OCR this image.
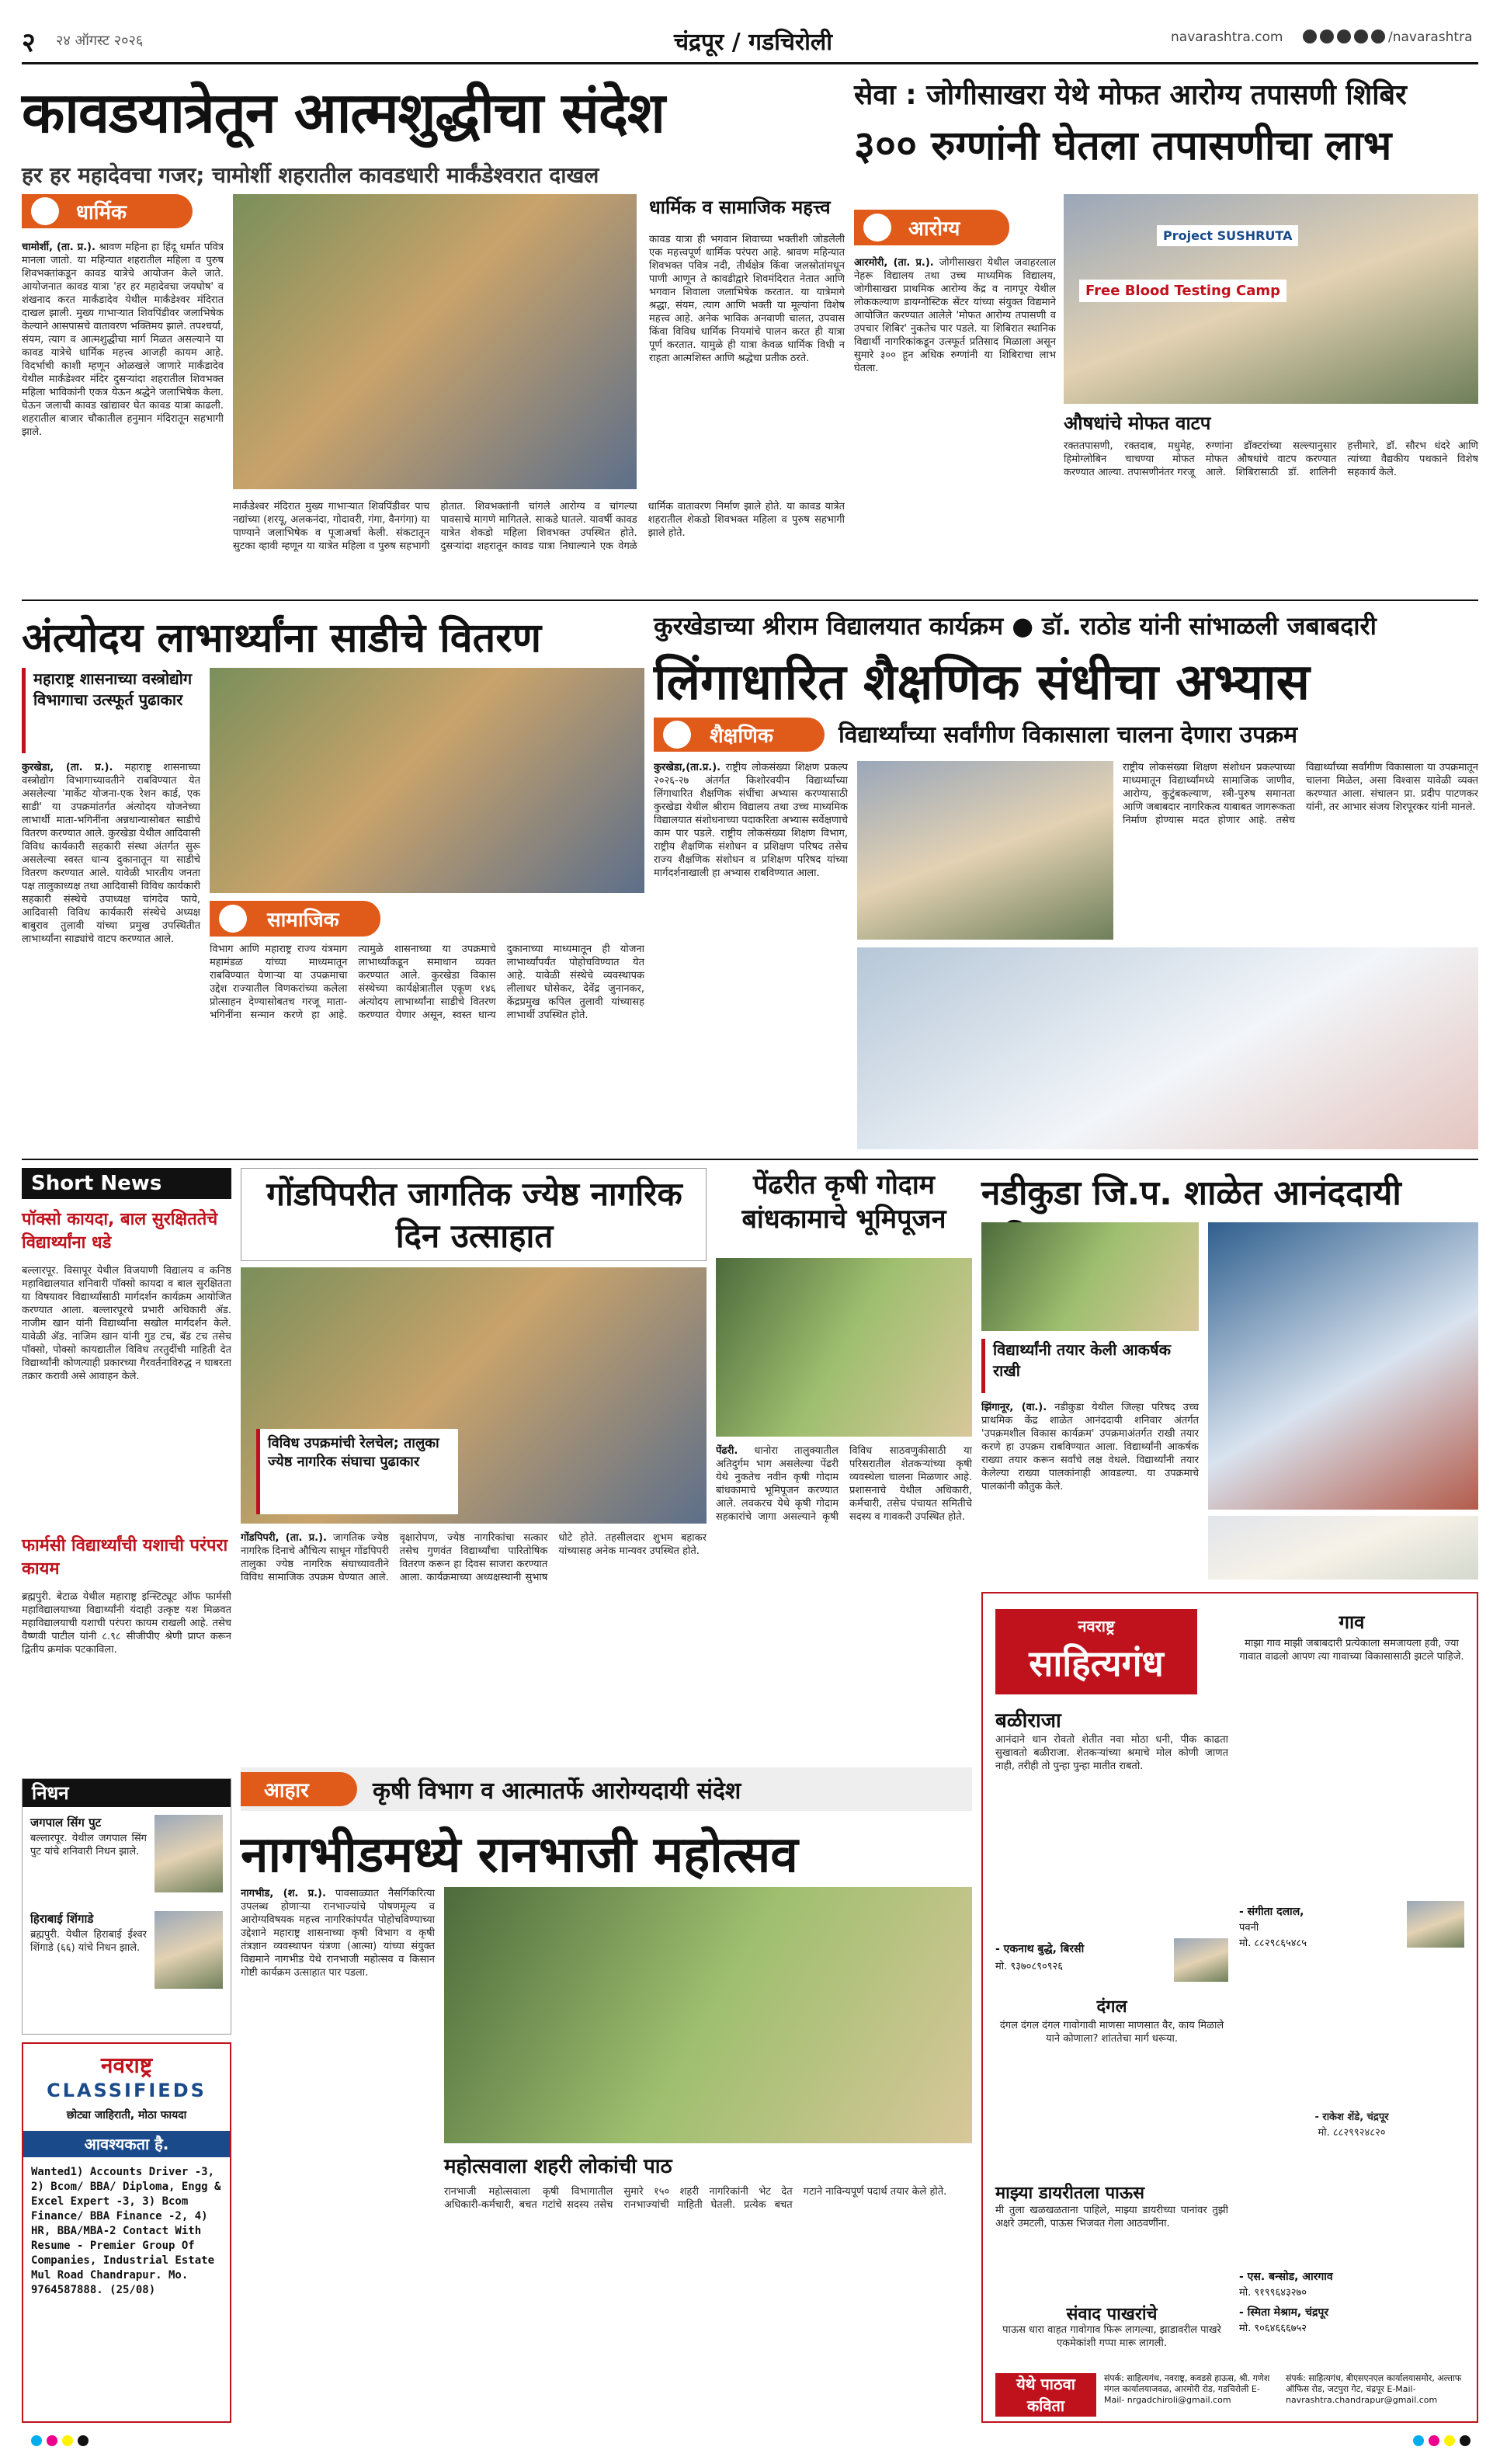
२ २४ ऑगस्ट २०२६	चंद्रपूर / गडचिरोली	navarashtra.com	/navarashtra
कावडयात्रेतून आत्मशुद्धीचा संदेश
हर हर महादेवचा गजर; चामोर्शी शहरातील कावडधारी मार्कंडेश्वरात दाखल
धार्मिक
चामोर्शी, (ता. प्र.). श्रावण महिना हा हिंदू धर्मात पवित्र मानला जातो. या महिन्यात शहरातील महिला व पुरुष शिवभक्तांकडून कावड यात्रेचे आयोजन केले जाते. आयोजनात कावड यात्रा 'हर हर महादेवचा जयघोष' व शंखनाद करत मार्कंडादेव येथील मार्कंडेश्वर मंदिरात दाखल झाली. मुख्य गाभाऱ्यात शिवपिंडीवर जलाभिषेक केल्याने आसपासचे वातावरण भक्तिमय झाले. तपश्चर्या, संयम, त्याग व आत्मशुद्धीचा मार्ग मिळत असल्याने या कावड यात्रेचे धार्मिक महत्त्व आजही कायम आहे. विदर्भाची काशी म्हणून ओळखले जाणारे मार्कंडादेव येथील मार्कंडेश्वर मंदिर दुसऱ्यांदा शहरातील शिवभक्त महिला भाविकांनी एकत्र येऊन श्रद्धेने जलाभिषेक केला. घेऊन जलाची कावड खांद्यावर घेत कावड यात्रा काढली. शहरातील बाजार चौकातील हनुमान मंदिरातून सहभागी झाले.
धार्मिक व सामाजिक महत्त्व
कावड यात्रा ही भगवान शिवाच्या भक्तीशी जोडलेली एक महत्त्वपूर्ण धार्मिक परंपरा आहे. श्रावण महिन्यात शिवभक्त पवित्र नदी, तीर्थक्षेत्र किंवा जलस्रोतांमधून पाणी आणून ते कावडीद्वारे शिवमंदिरात नेतात आणि भगवान शिवाला जलाभिषेक करतात. या यात्रेमागे श्रद्धा, संयम, त्याग आणि भक्ती या मूल्यांना विशेष महत्त्व आहे. अनेक भाविक अनवाणी चालत, उपवास किंवा विविध धार्मिक नियमांचे पालन करत ही यात्रा पूर्ण करतात. यामुळे ही यात्रा केवळ धार्मिक विधी न राहता आत्मशिस्त आणि श्रद्धेचा प्रतीक ठरते.
मार्कंडेश्वर मंदिरात मुख्य गाभाऱ्यात शिवपिंडीवर पाच नद्यांच्या (शरयू, अलकनंदा, गोदावरी, गंगा, वैनगंगा) या पाण्याने जलाभिषेक व पूजाअर्चा केली. संकटातून सुटका व्हावी म्हणून या यात्रेत महिला व पुरुष सहभागी होतात. शिवभक्तांनी चांगले आरोग्य व चांगल्या पावसाचे मागणे मागितले. साकडे घातले. यावर्षी कावड यात्रेत शेकडो महिला शिवभक्त उपस्थित होते. दुसऱ्यांदा शहरातून कावड यात्रा निघाल्याने एक वेगळे धार्मिक वातावरण निर्माण झाले होते. या कावड यात्रेत शहरातील शेकडो शिवभक्त महिला व पुरुष सहभागी झाले होते.
सेवा : जोगीसाखरा येथे मोफत आरोग्य तपासणी शिबिर
३०० रुग्णांनी घेतला तपासणीचा लाभ
आरोग्य
आरमोरी, (ता. प्र.). जोगीसाखरा येथील जवाहरलाल नेहरू विद्यालय तथा उच्च माध्यमिक विद्यालय, जोगीसाखरा प्राथमिक आरोग्य केंद्र व नागपूर येथील लोककल्याण डायग्नोस्टिक सेंटर यांच्या संयुक्त विद्यमाने आयोजित करण्यात आलेले 'मोफत आरोग्य तपासणी व उपचार शिबिर' नुकतेच पार पडले. या शिबिरात स्थानिक विद्यार्थी नागरिकांकडून उत्स्फूर्त प्रतिसाद मिळाला असून सुमारे ३०० हून अधिक रुग्णांनी या शिबिराचा लाभ घेतला.
Free Blood Testing Camp
Project SUSHRUTA
औषधांचे मोफत वाटप
रक्ततपासणी, रक्तदाब, मधुमेह, हिमोग्लोबिन चाचण्या मोफत करण्यात आल्या. तपासणीनंतर गरजू रुग्णांना डॉक्टरांच्या सल्ल्यानुसार मोफत औषधांचे वाटप करण्यात आले. शिबिरासाठी डॉ. शालिनी हत्तीमारे, डॉ. सौरभ धंदरे आणि त्यांच्या वैद्यकीय पथकाने विशेष सहकार्य केले.
अंत्योदय लाभार्थ्यांना साडीचे वितरण
महाराष्ट्र शासनाच्या वस्त्रोद्योग विभागाचा उत्स्फूर्त पुढाकार
कुरखेडा, (ता. प्र.). महाराष्ट्र शासनाच्या वस्त्रोद्योग विभागाच्यावतीने राबविण्यात येत असलेल्या 'मार्केट योजना-एक रेशन कार्ड, एक साडी' या उपक्रमांतर्गत अंत्योदय योजनेच्या लाभार्थी माता-भगिनींना अन्नधान्यासोबत साडीचे वितरण करण्यात आले. कुरखेडा येथील आदिवासी विविध कार्यकारी सहकारी संस्था अंतर्गत सुरू असलेल्या स्वस्त धान्य दुकानातून या साडीचे वितरण करण्यात आले. यावेळी भारतीय जनता पक्ष तालुकाध्यक्ष तथा आदिवासी विविध कार्यकारी सहकारी संस्थेचे उपाध्यक्ष चांगदेव फाये, आदिवासी विविध कार्यकारी संस्थेचे अध्यक्ष बाबुराव तुलावी यांच्या प्रमुख उपस्थितीत लाभार्थ्यांना साड्यांचे वाटप करण्यात आले.
सामाजिक
विभाग आणि महाराष्ट्र राज्य यंत्रमाग महामंडळ यांच्या माध्यमातून राबविण्यात येणाऱ्या या उपक्रमाचा उद्देश राज्यातील विणकरांच्या कलेला प्रोत्साहन देण्यासोबतच गरजू माता-भगिनींना सन्मान करणे हा आहे. त्यामुळे शासनाच्या या उपक्रमाचे लाभार्थ्यांकडून समाधान व्यक्त करण्यात आले. कुरखेडा विकास संस्थेच्या कार्यक्षेत्रातील एकूण १४६ अंत्योदय लाभार्थ्यांना साडीचे वितरण करण्यात येणार असून, स्वस्त धान्य दुकानाच्या माध्यमातून ही योजना लाभार्थ्यांपर्यंत पोहोचविण्यात येत आहे. यावेळी संस्थेचे व्यवस्थापक लीलाधर घोसेकर, देवेंद्र जुनानकर, केंद्रप्रमुख कपिल तुलावी यांच्यासह लाभार्थी उपस्थित होते.
कुरखेडाच्या श्रीराम विद्यालयात कार्यक्रम ● डॉ. राठोड यांनी सांभाळली जबाबदारी
लिंगाधारित शैक्षणिक संधीचा अभ्यास
शैक्षणिक	विद्यार्थ्यांच्या सर्वांगीण विकासाला चालना देणारा उपक्रम
कुरखेडा,(ता.प्र.). राष्ट्रीय लोकसंख्या शिक्षण प्रकल्प २०२६-२७ अंतर्गत किशोरवयीन विद्यार्थ्यांच्या लिंगाधारित शैक्षणिक संधींचा अभ्यास करण्यासाठी कुरखेडा येथील श्रीराम विद्यालय तथा उच्च माध्यमिक विद्यालयात संशोधनाच्या पदाकरिता अभ्यास सर्वेक्षणाचे काम पार पडले. राष्ट्रीय लोकसंख्या शिक्षण विभाग, राष्ट्रीय शैक्षणिक संशोधन व प्रशिक्षण परिषद तसेच राज्य शैक्षणिक संशोधन व प्रशिक्षण परिषद यांच्या मार्गदर्शनाखाली हा अभ्यास राबविण्यात आला.
राष्ट्रीय लोकसंख्या शिक्षण संशोधन प्रकल्पाच्या माध्यमातून विद्यार्थ्यांमध्ये सामाजिक जाणीव, आरोग्य, कुटुंबकल्याण, स्त्री-पुरुष समानता आणि जबाबदार नागरिकत्व याबाबत जागरूकता निर्माण होण्यास मदत होणार आहे. तसेच विद्यार्थ्यांच्या सर्वांगीण विकासाला या उपक्रमातून चालना मिळेल, असा विश्वास यावेळी व्यक्त करण्यात आला. संचालन प्रा. प्रदीप पाटणकर यांनी, तर आभार संजय शिरपूरकर यांनी मानले.
Short News
पॉक्सो कायदा, बाल सुरक्षिततेचे विद्यार्थ्यांना धडे
बल्लारपूर. विसापूर येथील विजयाणी विद्यालय व कनिष्ठ महाविद्यालयात शनिवारी पॉक्सो कायदा व बाल सुरक्षितता या विषयावर विद्यार्थ्यांसाठी मार्गदर्शन कार्यक्रम आयोजित करण्यात आला. बल्लारपूरचे प्रभारी अधिकारी ॲड. नाजीम खान यांनी विद्यार्थ्यांना सखोल मार्गदर्शन केले. यावेळी ॲड. नाजिम खान यांनी गुड टच, बॅड टच तसेच पॉक्सो, पोक्सो कायद्यातील विविध तरतुदींची माहिती देत विद्यार्थ्यांनी कोणत्याही प्रकारच्या गैरवर्तनाविरुद्ध न घाबरता तक्रार करावी असे आवाहन केले.
फार्मसी विद्यार्थ्यांची यशाची परंपरा कायम
ब्रह्मपुरी. बेटाळ येथील महाराष्ट्र इन्स्टिट्यूट ऑफ फार्मसी महाविद्यालयाच्या विद्यार्थ्यांनी यंदाही उत्कृष्ट यश मिळवत महाविद्यालयाची यशाची परंपरा कायम राखली आहे. तसेच वैष्णवी पाटील यांनी ८.९८ सीजीपीए श्रेणी प्राप्त करून द्वितीय क्रमांक पटकाविला.
निधन
जगपाल सिंग पुट
बल्लारपूर. येथील जगपाल सिंग पुट यांचे शनिवारी निधन झाले.
हिराबाई शिंगाडे
ब्रह्मपुरी. येथील हिराबाई ईश्वर शिंगाडे (६६) यांचे निधन झाले.
नवराष्ट्र
CLASSIFIEDS
छोट्या जाहिराती, मोठा फायदा
आवश्यकता है.
Wanted1) Accounts Driver -3, 2) Bcom/ BBA/ Diploma, Engg & Excel Expert -3, 3) Bcom Finance/ BBA Finance -2, 4) HR, BBA/MBA-2 Contact With Resume - Premier Group Of Companies, Industrial Estate Mul Road Chandrapur. Mo. 9764587888. (25/08)
गोंडपिपरीत जागतिक ज्येष्ठ नागरिक दिन उत्साहात
विविध उपक्रमांची रेलचेल; तालुका ज्येष्ठ नागरिक संघाचा पुढाकार
गोंडपिपरी, (ता. प्र.). जागतिक ज्येष्ठ नागरिक दिनाचे औचित्य साधून गोंडपिपरी तालुका ज्येष्ठ नागरिक संघाच्यावतीने विविध सामाजिक उपक्रम घेण्यात आले. वृक्षारोपण, ज्येष्ठ नागरिकांचा सत्कार तसेच गुणवंत विद्यार्थ्यांचा पारितोषिक वितरण करून हा दिवस साजरा करण्यात आला. कार्यक्रमाच्या अध्यक्षस्थानी सुभाष धोटे होते. तहसीलदार शुभम बहाकर यांच्यासह अनेक मान्यवर उपस्थित होते.
पेंढरीत कृषी गोदाम बांधकामाचे भूमिपूजन
पेंढरी. धानोरा तालुक्यातील अतिदुर्गम भाग असलेल्या पेंढरी येथे नुकतेच नवीन कृषी गोदाम बांधकामाचे भूमिपूजन करण्यात आले. लवकरच येथे कृषी गोदाम सहकारांचे जागा असल्याने कृषी विविध साठवणुकीसाठी या परिसरातील शेतकऱ्यांच्या कृषी व्यवस्थेला चालना मिळणार आहे. प्रशासनाचे येथील अधिकारी, कर्मचारी, तसेच पंचायत समितीचे सदस्य व गावकरी उपस्थित होते.
नडीकुडा जि.प. शाळेत आनंददायी
विद्यार्थ्यांनी तयार केली आकर्षक राखी
झिंगानूर, (वा.). नडीकुडा येथील जिल्हा परिषद उच्च प्राथमिक केंद्र शाळेत आनंददायी शनिवार अंतर्गत 'उपक्रमशील विकास कार्यक्रम' उपक्रमाअंतर्गत राखी तयार करणे हा उपक्रम राबविण्यात आला. विद्यार्थ्यांनी आकर्षक राख्या तयार करून सर्वांचे लक्ष वेधले. विद्यार्थ्यांनी तयार केलेल्या राख्या पालकांनाही आवडल्या. या उपक्रमाचे पालकांनी कौतुक केले.
आहार	कृषी विभाग व आत्मातर्फे आरोग्यदायी संदेश
नागभीडमध्ये रानभाजी महोत्सव
नागभीड, (श. प्र.). पावसाळ्यात नैसर्गिकरित्या उपलब्ध होणाऱ्या रानभाज्यांचे पोषणमूल्य व आरोग्यविषयक महत्त्व नागरिकांपर्यंत पोहोचविण्याच्या उद्देशाने महाराष्ट्र शासनाच्या कृषी विभाग व कृषी तंत्रज्ञान व्यवस्थापन यंत्रणा (आत्मा) यांच्या संयुक्त विद्यमाने नागभीड येथे रानभाजी महोत्सव व किसान गोष्टी कार्यक्रम उत्साहात पार पडला.
महोत्सवाला शहरी लोकांची पाठ
रानभाजी महोत्सवाला कृषी विभागातील अधिकारी-कर्मचारी, बचत गटांचे सदस्य तसेच सुमारे १५० शहरी नागरिकांनी भेट देत रानभाज्यांची माहिती घेतली. प्रत्येक बचत गटाने नाविन्यपूर्ण पदार्थ तयार केले होते.
नवराष्ट्र
साहित्यगंध
बळीराजा
आनंदाने धान रोवतो शेतीत नवा मोठा धनी, पीक काढता सुखावतो बळीराजा. शेतकऱ्यांच्या श्रमाचे मोल कोणी जाणत नाही, तरीही तो पुन्हा पुन्हा मातीत राबतो.
- एकनाथ बुद्धे, बिरसी
मो. ९३७०८९०९२६
गाव
माझा गाव माझी जबाबदारी प्रत्येकाला समजायला हवी, ज्या गावात वाढलो आपण त्या गावाच्या विकासासाठी झटले पाहिजे.
- संगीता दलाल,
पवनी
मो. ८८२९८६५४८५
दंगल
दंगल दंगल दंगल गावोगावी माणसा माणसात वैर, काय मिळाले याने कोणाला? शांततेचा मार्ग धरूया.
- राकेश शेंडे, चंद्रपूर
मो. ८८२९९२४८२०
माझ्या डायरीतला पाऊस
मी तुला खळखळताना पाहिले, माझ्या डायरीच्या पानांवर तुझी अक्षरे उमटली, पाऊस भिजवत गेला आठवणींना.
- एस. बन्सोड, आरगाव
मो. ९१९९६४३२७०
संवाद पाखरांचे
पाऊस धारा वाहत गावोगाव फिरू लागल्या, झाडावरील पाखरे एकमेकांशी गप्पा मारू लागली.
- स्मिता मेश्राम, चंद्रपूर
मो. ९०६४६६६७५२
येथे पाठवा कविता
संपर्क: साहित्यगंध, नवराष्ट्र, कवडसे हाऊस, श्री. गणेश मंगल कार्यालयाजवळ, आरमोरी रोड, गडचिरोली E-Mail- nrgadchiroli@gmail.com
संपर्क: साहित्यगंध, बीएसएनएल कार्यालयासमोर, अल्ताफ ऑफिस रोड, जटपुरा गेट, चंद्रपूर E-Mail-navrashtra.chandrapur@gmail.com
